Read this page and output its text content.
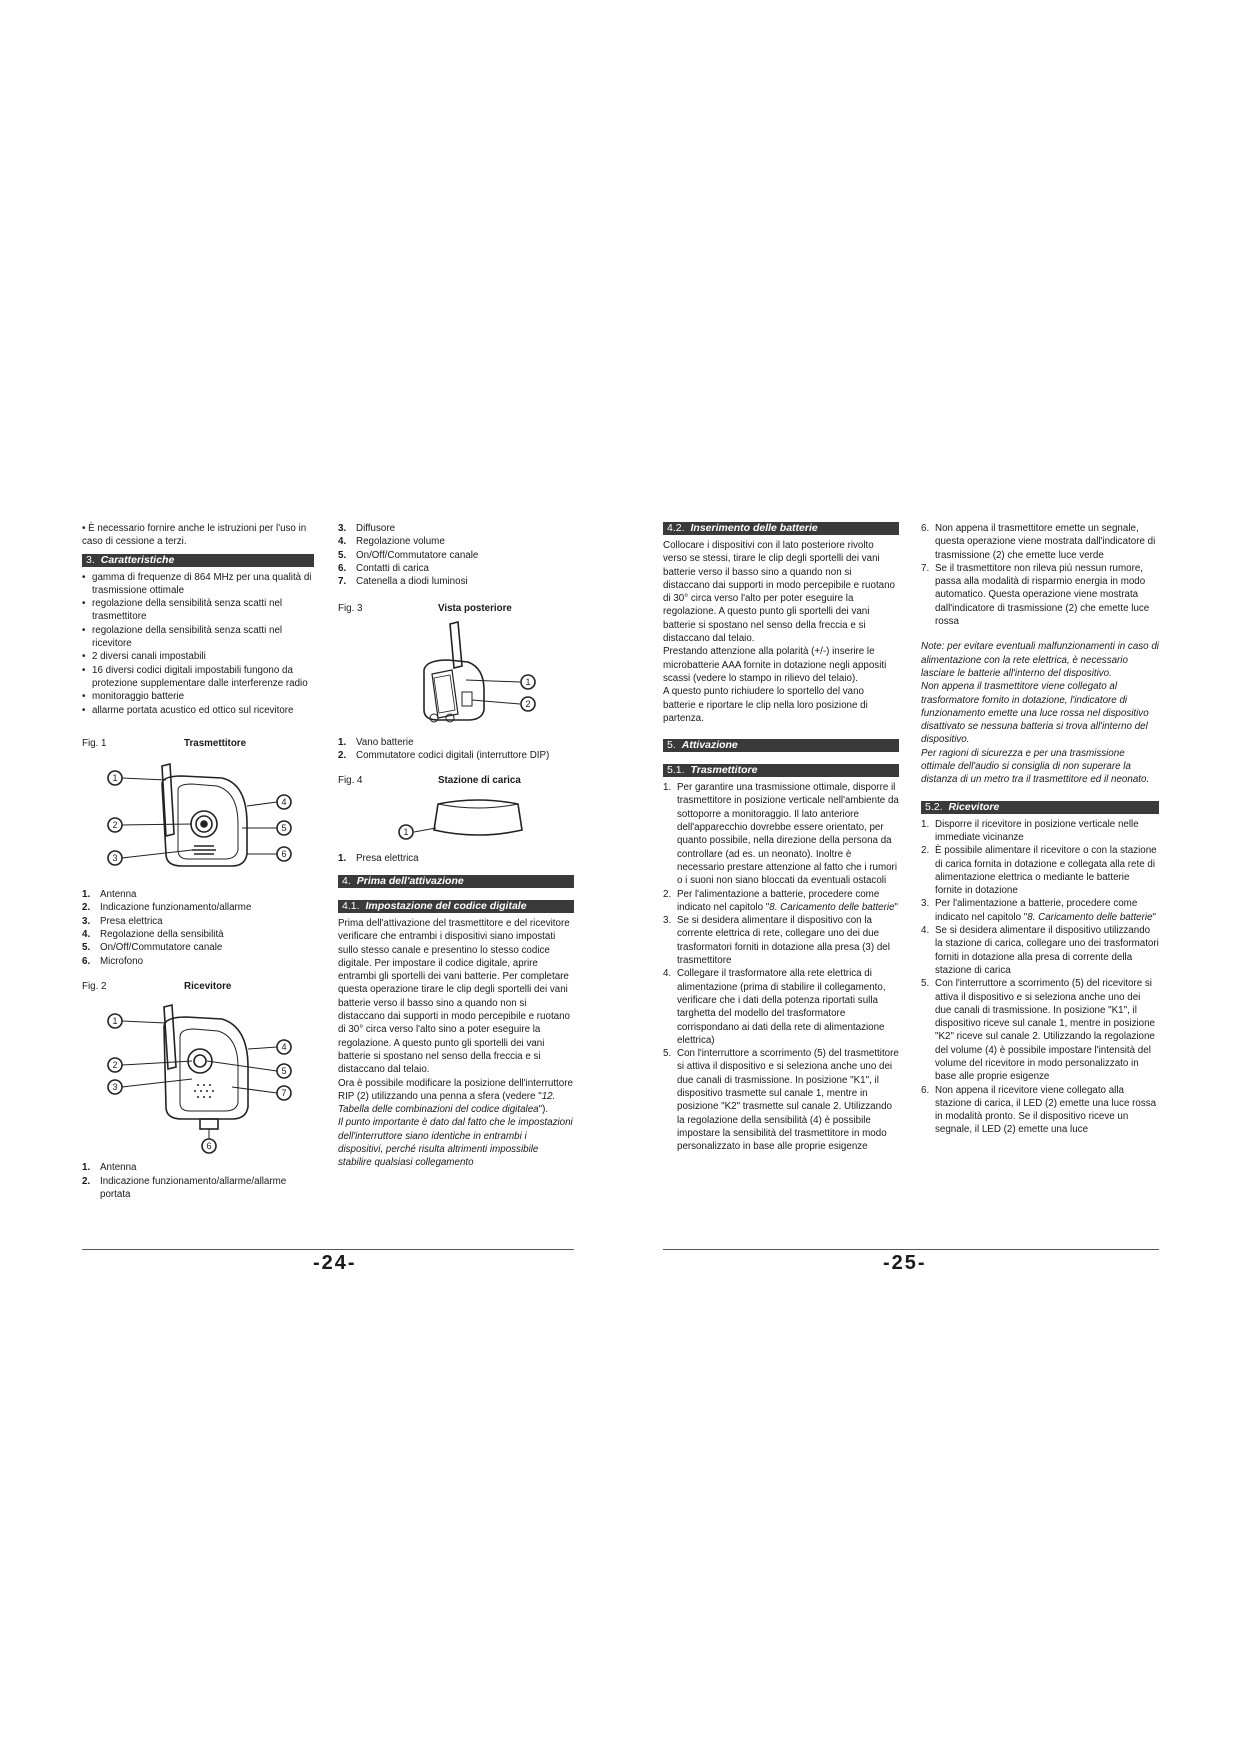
• È necessario fornire anche le istruzioni per l'uso in caso di cessione a terzi.

3. Caratteristiche
• gamma di frequenze di 864 MHz per una qualità di trasmissione ottimale
• regolazione della sensibilità senza scatti nel trasmettitore
• regolazione della sensibilità senza scatti nel ricevitore
• 2 diversi canali impostabili
• 16 diversi codici digitali impostabili fungono da protezione supplementare dalle interferenze radio
• monitoraggio batterie
• allarme portata acustico ed ottico sul ricevitore
Fig. 1	Trasmettitore
1
2
3
4
5
6
1. Antenna
2. Indicazione funzionamento/allarme
3. Presa elettrica
4. Regolazione della sensibilità
5. On/Off/Commutatore canale
6. Microfono
Fig. 2	Ricevitore
1
2
3
4
5
7
6
1. Antenna
2. Indicazione funzionamento/allarme/allarme portata
3. Diffusore
4. Regolazione volume
5. On/Off/Commutatore canale
6. Contatti di carica
7. Catenella a diodi luminosi
Fig. 3	Vista posteriore
1
2
1. Vano batterie
2. Commutatore codici digitali (interruttore DIP)
Fig. 4	Stazione di carica
1
1. Presa elettrica
4. Prima dell'attivazione
4.1. Impostazione del codice digitale

Prima dell'attivazione del trasmettitore e del ricevitore verificare che entrambi i dispositivi siano impostati sullo stesso canale e presentino lo stesso codice digitale. Per impostare il codice digitale, aprire entrambi gli sportelli dei vani batterie. Per completare questa operazione tirare le clip degli sportelli dei vani batterie verso il basso sino a quando non si distaccano dai supporti in modo percepibile e ruotano di 30° circa verso l'alto sino a poter eseguire la regolazione. A questo punto gli sportelli dei vani batterie si spostano nel senso della freccia e si distaccano dal telaio.

Ora è possibile modificare la posizione dell'interruttore RIP (2) utilizzando una penna a sfera (vedere "12. Tabella delle combinazioni del codice digitalea").

Il punto importante è dato dal fatto che le impostazioni dell'interruttore siano identiche in entrambi i dispositivi, perché risulta altrimenti impossibile stabilire qualsiasi collegamento

-24-
4.2. Inserimento delle batterie

Collocare i dispositivi con il lato posteriore rivolto verso se stessi, tirare le clip degli sportelli dei vani batterie verso il basso sino a quando non si distaccano dai supporti in modo percepibile e ruotano di 30° circa verso l'alto per poter eseguire la regolazione. A questo punto gli sportelli dei vani batterie si spostano nel senso della freccia e si distaccano dal telaio.

Prestando attenzione alla polarità (+/-) inserire le microbatterie AAA fornite in dotazione negli appositi scassi (vedere lo stampo in rilievo del telaio).

A questo punto richiudere lo sportello del vano batterie e riportare le clip nella loro posizione di partenza.

5. Attivazione
5.1. Trasmettitore
1. Per garantire una trasmissione ottimale, disporre il trasmettitore in posizione verticale nell'ambiente da sottoporre a monitoraggio. Il lato anteriore dell'apparecchio dovrebbe essere orientato, per quanto possibile, nella direzione della persona da controllare (ad es. un neonato). Inoltre è necessario prestare attenzione al fatto che i rumori o i suoni non siano bloccati da eventuali ostacoli
2. Per l'alimentazione a batterie, procedere come indicato nel capitolo "8. Caricamento delle batterie"
3. Se si desidera alimentare il dispositivo con la corrente elettrica di rete, collegare uno dei due trasformatori forniti in dotazione alla presa (3) del trasmettitore
4. Collegare il trasformatore alla rete elettrica di alimentazione (prima di stabilire il collegamento, verificare che i dati della potenza riportati sulla targhetta del modello del trasformatore corrispondano ai dati della rete di alimentazione elettrica)
5. Con l'interruttore a scorrimento (5) del trasmettitore si attiva il dispositivo e si seleziona anche uno dei due canali di trasmissione. In posizione "K1", il dispositivo trasmette sul canale 1, mentre in posizione "K2" trasmette sul canale 2. Utilizzando la regolazione della sensibilità (4) è possibile impostare la sensibilità del trasmettitore in modo personalizzato in base alle proprie esigenze
6. Non appena il trasmettitore emette un segnale, questa operazione viene mostrata dall'indicatore di trasmissione (2) che emette luce verde
7. Se il trasmettitore non rileva più nessun rumore, passa alla modalità di risparmio energia in modo automatico. Questa operazione viene mostrata dall'indicatore di trasmissione (2) che emette luce rossa

Note: per evitare eventuali malfunzionamenti in caso di alimentazione con la rete elettrica, è necessario lasciare le batterie all'interno del dispositivo.

Non appena il trasmettitore viene collegato al trasformatore fornito in dotazione, l'indicatore di funzionamento emette una luce rossa nel dispositivo disattivato se nessuna batteria si trova all'interno del dispositivo.

Per ragioni di sicurezza e per una trasmissione ottimale dell'audio si consiglia di non superare la distanza di un metro tra il trasmettitore ed il neonato.

5.2. Ricevitore
1. Disporre il ricevitore in posizione verticale nelle immediate vicinanze
2. È possibile alimentare il ricevitore o con la stazione di carica fornita in dotazione e collegata alla rete di alimentazione elettrica o mediante le batterie fornite in dotazione
3. Per l'alimentazione a batterie, procedere come indicato nel capitolo "8. Caricamento delle batterie"
4. Se si desidera alimentare il dispositivo utilizzando la stazione di carica, collegare uno dei trasformatori forniti in dotazione alla presa di corrente della stazione di carica
5. Con l'interruttore a scorrimento (5) del ricevitore si attiva il dispositivo e si seleziona anche uno dei due canali di trasmissione. In posizione "K1", il dispositivo riceve sul canale 1, mentre in posizione "K2" riceve sul canale 2. Utilizzando la regolazione del volume (4) è possibile impostare l'intensità del volume del ricevitore in modo personalizzato in base alle proprie esigenze
6. Non appena il ricevitore viene collegato alla stazione di carica, il LED (2) emette una luce rossa in modalità pronto. Se il dispositivo riceve un segnale, il LED (2) emette una luce
-25-
